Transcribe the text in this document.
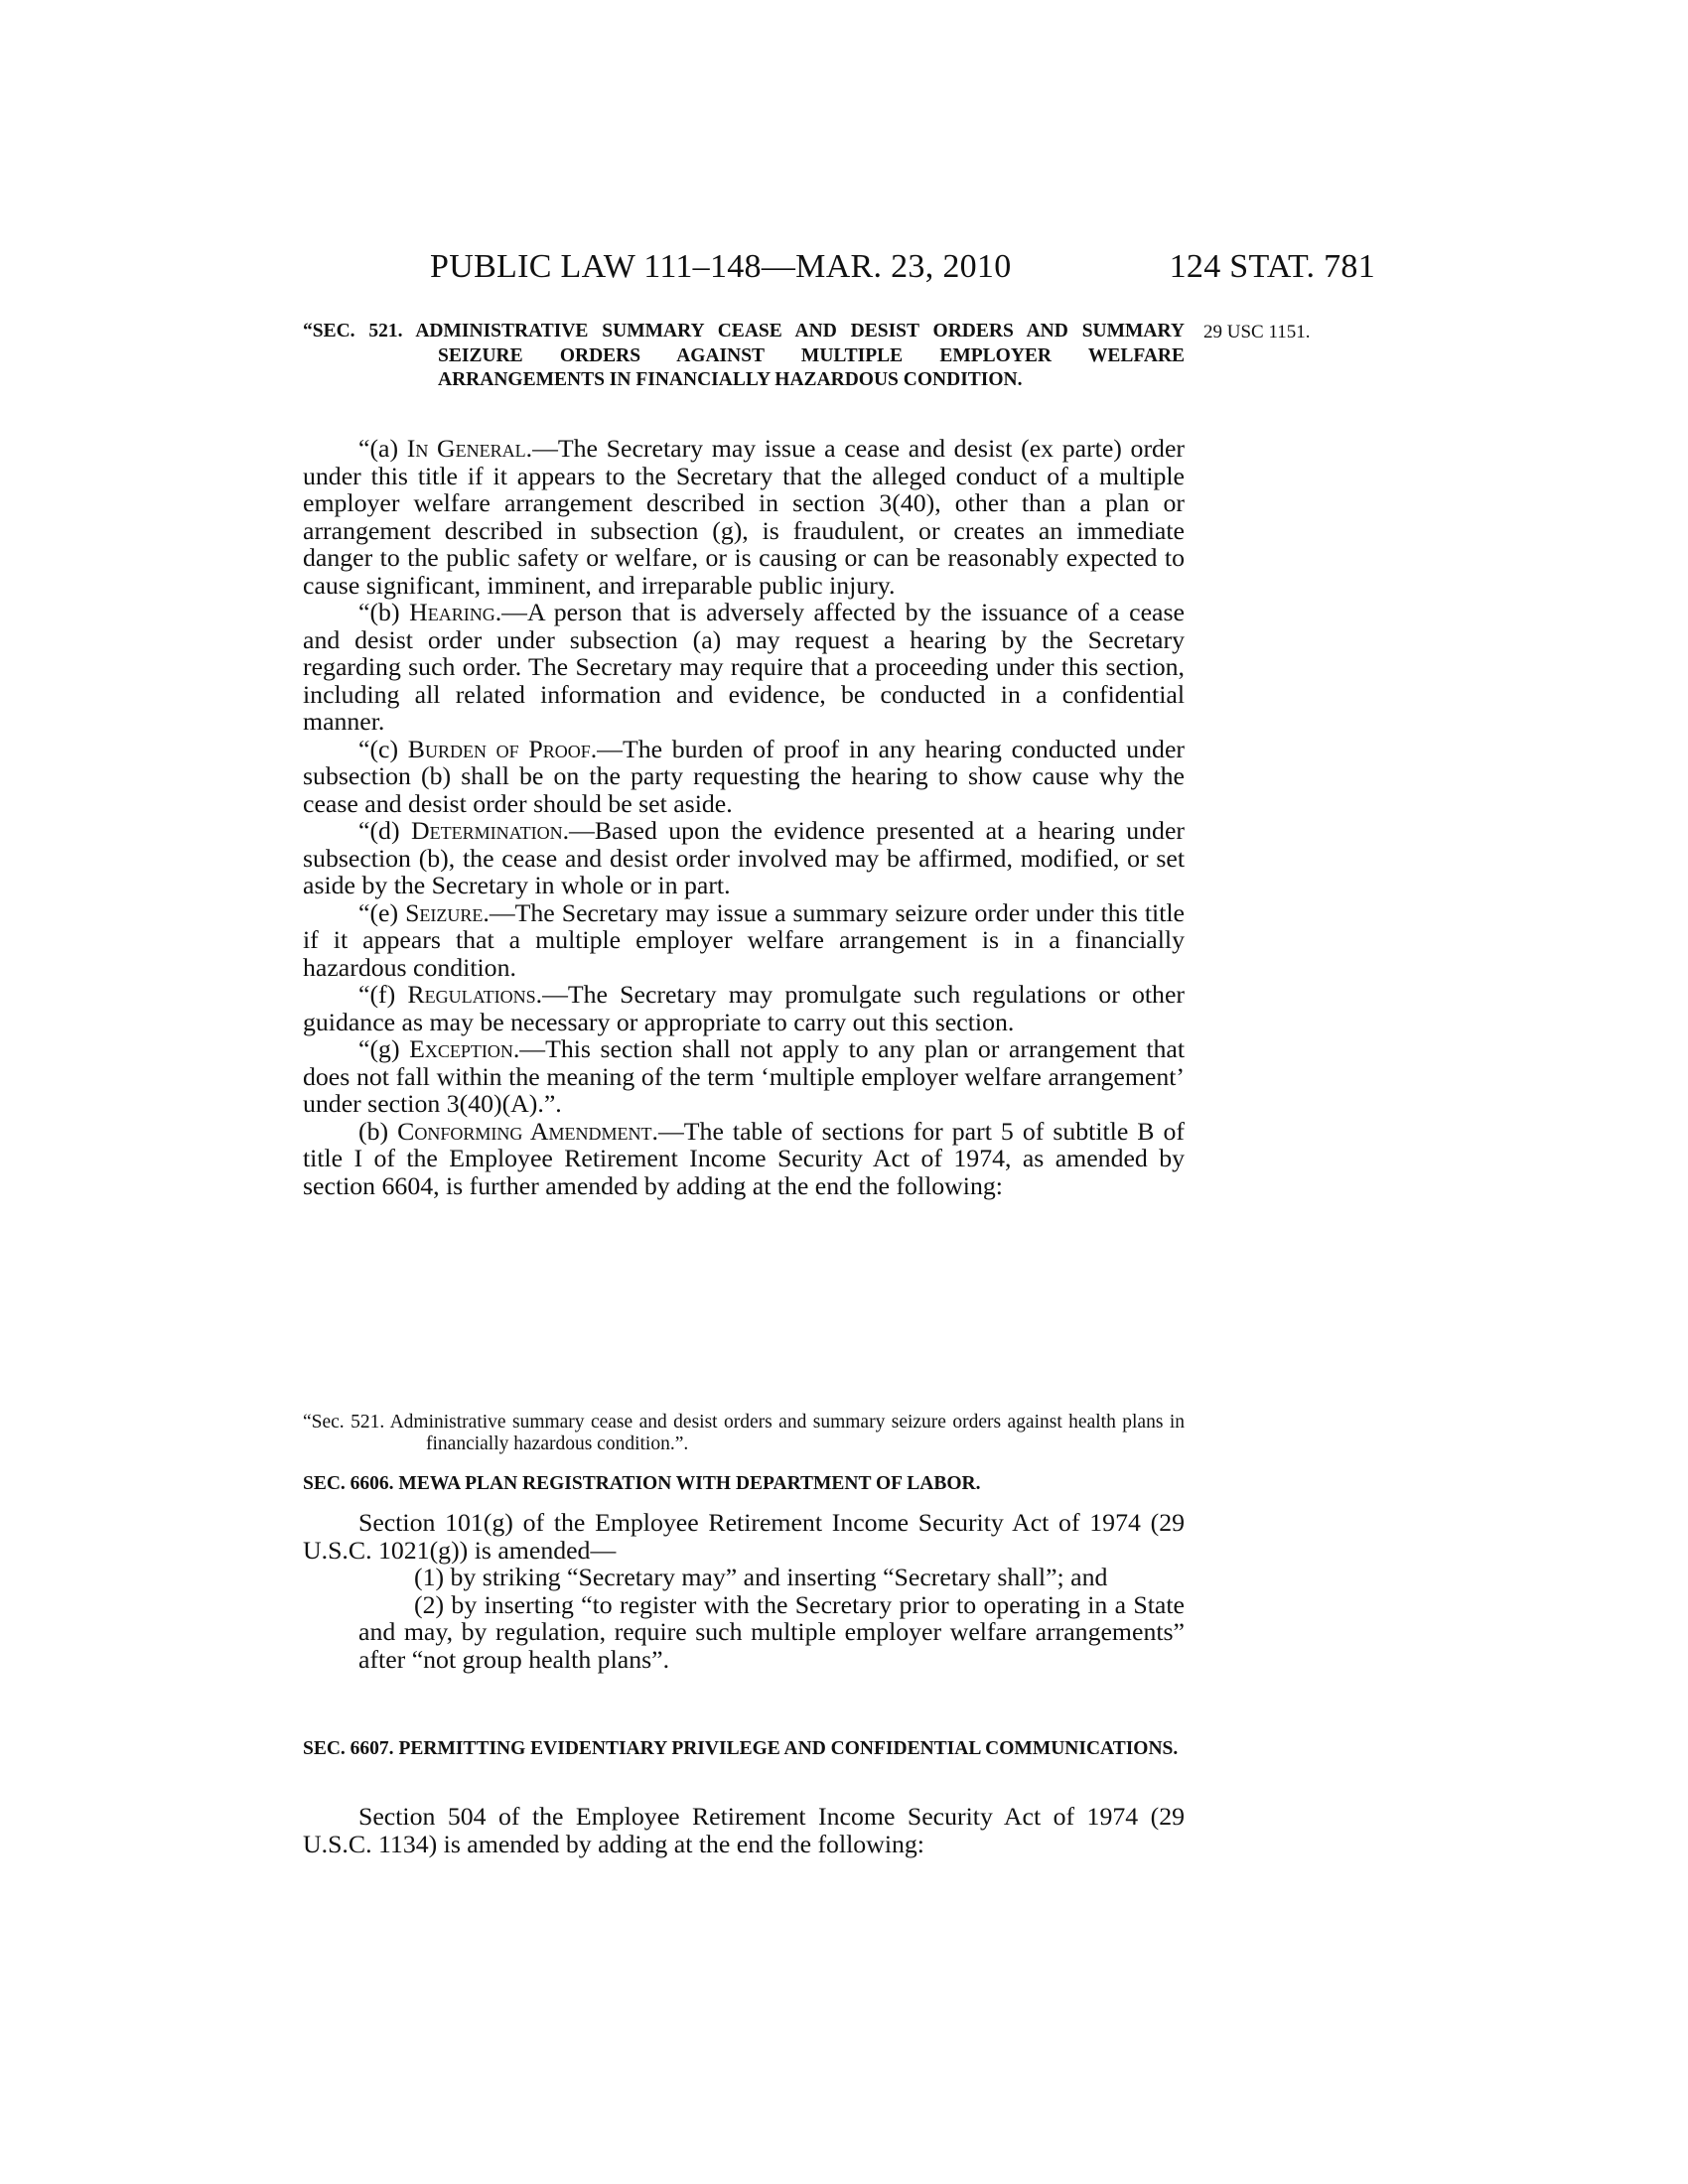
PUBLIC LAW 111–148—MAR. 23, 2010	124 STAT. 781
29 USC 1151.

“SEC. 521. ADMINISTRATIVE SUMMARY CEASE AND DESIST ORDERS AND SUMMARY SEIZURE ORDERS AGAINST MULTIPLE EMPLOYER WELFARE ARRANGEMENTS IN FINANCIALLY HAZARDOUS CONDITION.

“(a) In General.—The Secretary may issue a cease and desist (ex parte) order under this title if it appears to the Secretary that the alleged conduct of a multiple employer welfare arrangement described in section 3(40), other than a plan or arrangement described in subsection (g), is fraudulent, or creates an immediate danger to the public safety or welfare, or is causing or can be reasonably expected to cause significant, imminent, and irreparable public injury.

“(b) Hearing.—A person that is adversely affected by the issuance of a cease and desist order under subsection (a) may request a hearing by the Secretary regarding such order. The Secretary may require that a proceeding under this section, including all related information and evidence, be conducted in a confidential manner.

“(c) Burden of Proof.—The burden of proof in any hearing conducted under subsection (b) shall be on the party requesting the hearing to show cause why the cease and desist order should be set aside.

“(d) Determination.—Based upon the evidence presented at a hearing under subsection (b), the cease and desist order involved may be affirmed, modified, or set aside by the Secretary in whole or in part.

“(e) Seizure.—The Secretary may issue a summary seizure order under this title if it appears that a multiple employer welfare arrangement is in a financially hazardous condition.

“(f) Regulations.—The Secretary may promulgate such regulations or other guidance as may be necessary or appropriate to carry out this section.

“(g) Exception.—This section shall not apply to any plan or arrangement that does not fall within the meaning of the term ‘multiple employer welfare arrangement’ under section 3(40)(A).”.

(b) Conforming Amendment.—The table of sections for part 5 of subtitle B of title I of the Employee Retirement Income Security Act of 1974, as amended by section 6604, is further amended by adding at the end the following:

“Sec. 521. Administrative summary cease and desist orders and summary seizure orders against health plans in financially hazardous condition.”.

SEC. 6606. MEWA PLAN REGISTRATION WITH DEPARTMENT OF LABOR.

Section 101(g) of the Employee Retirement Income Security Act of 1974 (29 U.S.C. 1021(g)) is amended—

(1) by striking “Secretary may” and inserting “Secretary shall”; and

(2) by inserting “to register with the Secretary prior to operating in a State and may, by regulation, require such multiple employer welfare arrangements” after “not group health plans”.

SEC. 6607. PERMITTING EVIDENTIARY PRIVILEGE AND CONFIDENTIAL COMMUNICATIONS.

Section 504 of the Employee Retirement Income Security Act of 1974 (29 U.S.C. 1134) is amended by adding at the end the following:
